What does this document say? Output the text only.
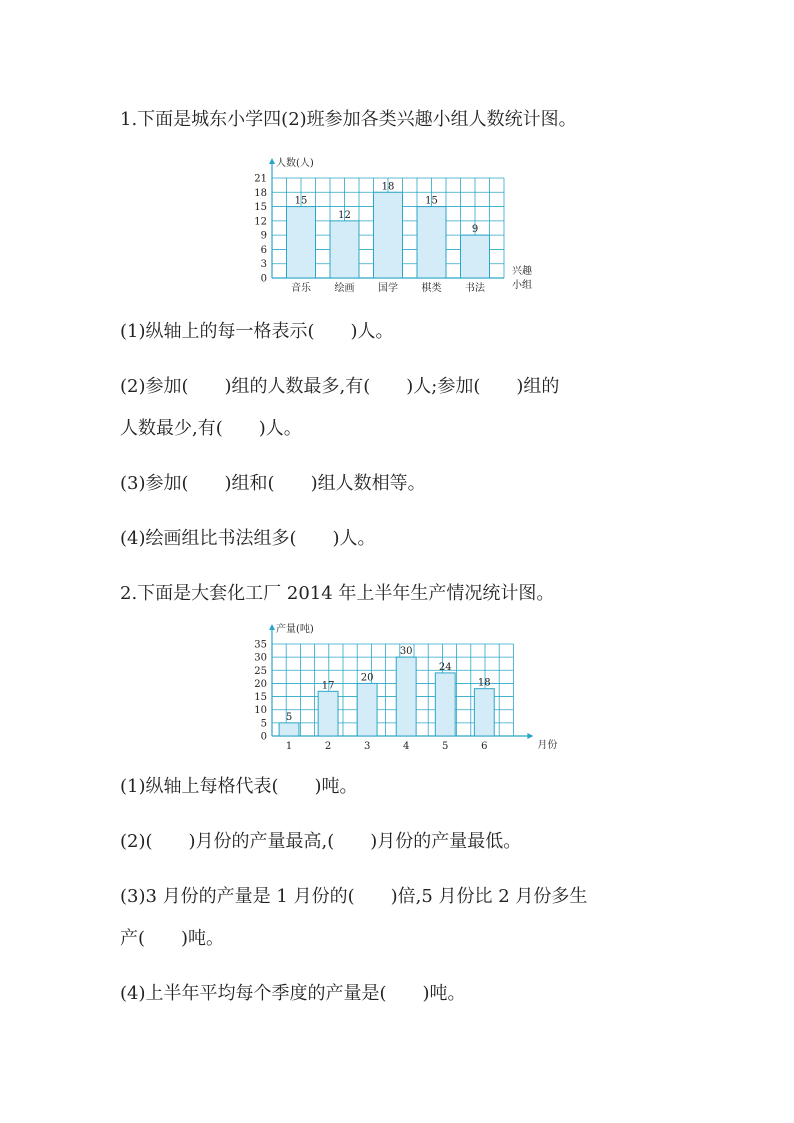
1.下面是城东小学四(2)班参加各类兴趣小组人数统计图。
0
3
6
9
12
15
18
21
人数(人)
兴趣
小组
15
音乐
12
绘画
18
国学
15
棋类
9
书法
(1)纵轴上的每一格表示(　　)人。
(2)参加(　　)组的人数最多,有(　　)人;参加(　　)组的
人数最少,有(　　)人。
(3)参加(　　)组和(　　)组人数相等。
(4)绘画组比书法组多(　　)人。
2.下面是大套化工厂 2014 年上半年生产情况统计图。
0
5
10
15
20
25
30
35
产量(吨)
月份
5
1
17
2
20
3
30
4
24
5
18
6
(1)纵轴上每格代表(　　)吨。
(2)(　　)月份的产量最高,(　　)月份的产量最低。
(3)3 月份的产量是 1 月份的(　　)倍,5 月份比 2 月份多生
产(　　)吨。
(4)上半年平均每个季度的产量是(　　)吨。
